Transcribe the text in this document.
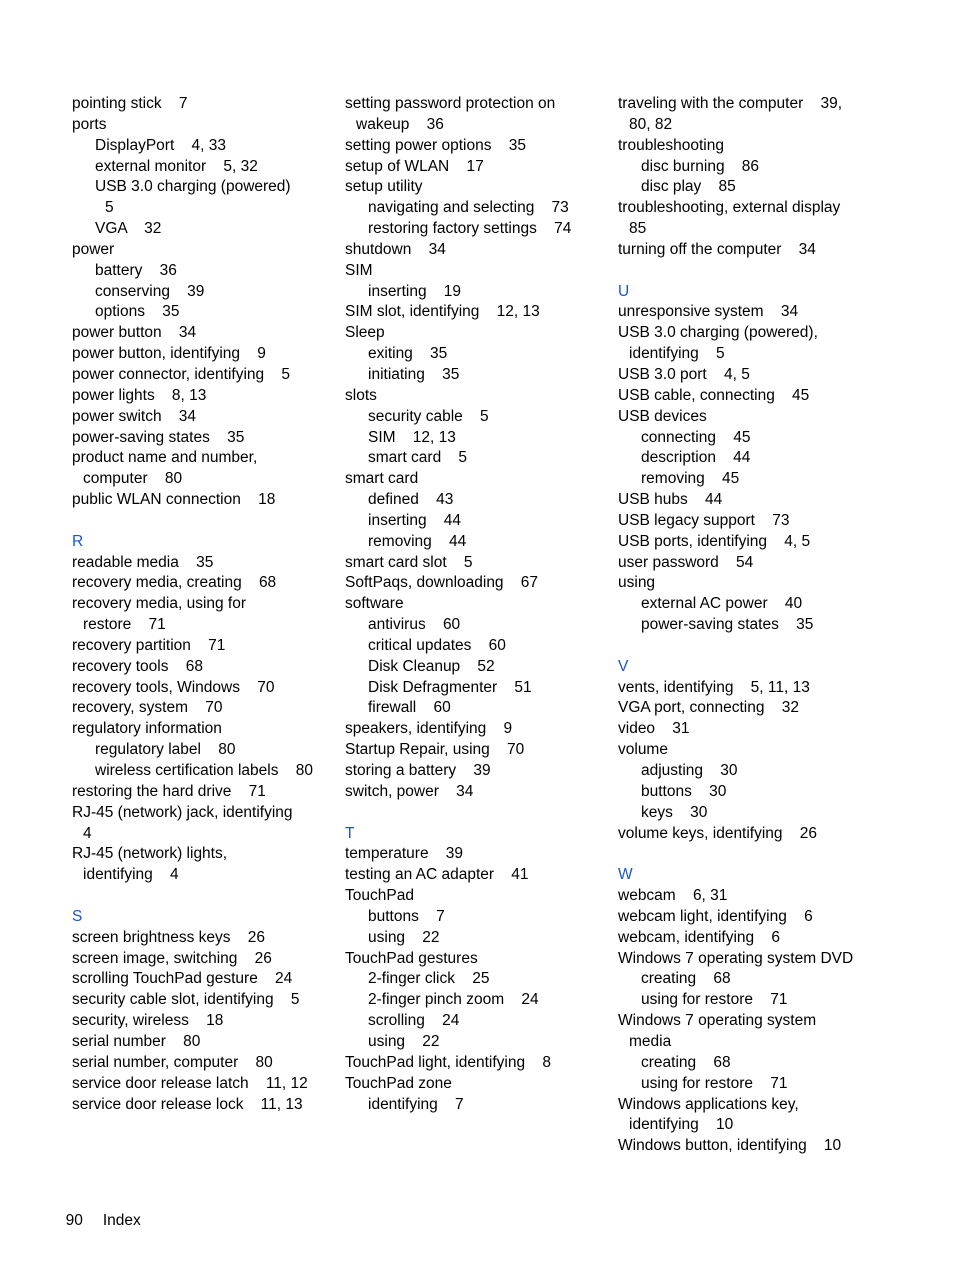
pointing stick    7
ports
DisplayPort    4, 33
external monitor    5, 32
USB 3.0 charging (powered)
5
VGA    32
power
battery    36
conserving    39
options    35
power button    34
power button, identifying    9
power connector, identifying    5
power lights    8, 13
power switch    34
power-saving states    35
product name and number,
computer    80
public WLAN connection    18
R
readable media    35
recovery media, creating    68
recovery media, using for
restore    71
recovery partition    71
recovery tools    68
recovery tools, Windows    70
recovery, system    70
regulatory information
regulatory label    80
wireless certification labels    80
restoring the hard drive    71
RJ-45 (network) jack, identifying
4
RJ-45 (network) lights,
identifying    4
S
screen brightness keys    26
screen image, switching    26
scrolling TouchPad gesture    24
security cable slot, identifying    5
security, wireless    18
serial number    80
serial number, computer    80
service door release latch    11, 12
service door release lock    11, 13
setting password protection on
wakeup    36
setting power options    35
setup of WLAN    17
setup utility
navigating and selecting    73
restoring factory settings    74
shutdown    34
SIM
inserting    19
SIM slot, identifying    12, 13
Sleep
exiting    35
initiating    35
slots
security cable    5
SIM    12, 13
smart card    5
smart card
defined    43
inserting    44
removing    44
smart card slot    5
SoftPaqs, downloading    67
software
antivirus    60
critical updates    60
Disk Cleanup    52
Disk Defragmenter    51
firewall    60
speakers, identifying    9
Startup Repair, using    70
storing a battery    39
switch, power    34
T
temperature    39
testing an AC adapter    41
TouchPad
buttons    7
using    22
TouchPad gestures
2-finger click    25
2-finger pinch zoom    24
scrolling    24
using    22
TouchPad light, identifying    8
TouchPad zone
identifying    7
traveling with the computer    39,
80, 82
troubleshooting
disc burning    86
disc play    85
troubleshooting, external display
85
turning off the computer    34
U
unresponsive system    34
USB 3.0 charging (powered),
identifying    5
USB 3.0 port    4, 5
USB cable, connecting    45
USB devices
connecting    45
description    44
removing    45
USB hubs    44
USB legacy support    73
USB ports, identifying    4, 5
user password    54
using
external AC power    40
power-saving states    35
V
vents, identifying    5, 11, 13
VGA port, connecting    32
video    31
volume
adjusting    30
buttons    30
keys    30
volume keys, identifying    26
W
webcam    6, 31
webcam light, identifying    6
webcam, identifying    6
Windows 7 operating system DVD
creating    68
using for restore    71
Windows 7 operating system
media
creating    68
using for restore    71
Windows applications key,
identifying    10
Windows button, identifying    10

90 Index
